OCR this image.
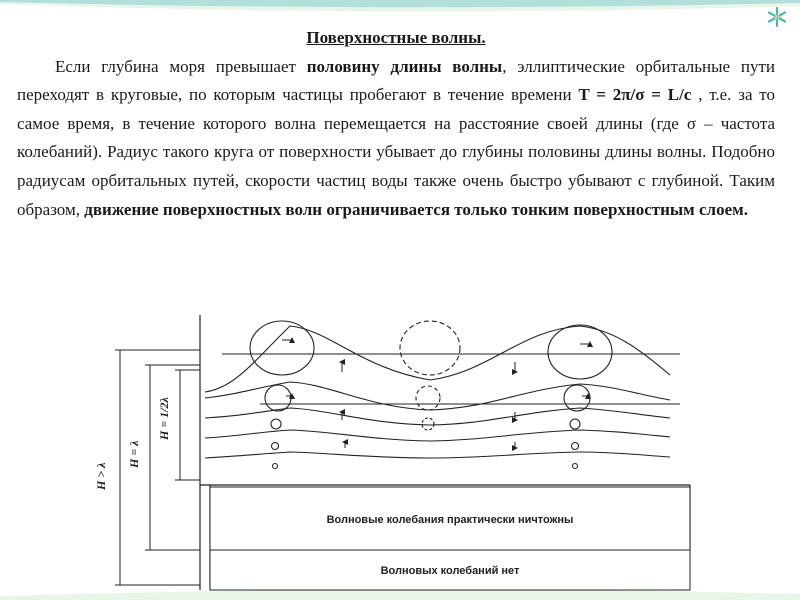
Поверхностные волны.

Если глубина моря превышает половину длины волны, эллиптические орбитальные пути переходят в круговые, по которым частицы пробегают в течение времени T = 2π/σ = L/c , т.е. за то самое время, в течение которого волна перемещается на расстояние своей длины (где σ – частота колебаний). Радиус такого круга от поверхности убывает до глубины половины длины волны. Подобно радиусам орбитальных путей, скорости частиц воды также очень быстро убывают с глубиной. Таким образом, движение поверхностных волн ограничивается только тонким поверхностным слоем.

H > λ
H = λ
H = 1/2λ
Волновые колебания практически ничтожны
Волновых колебаний нет
